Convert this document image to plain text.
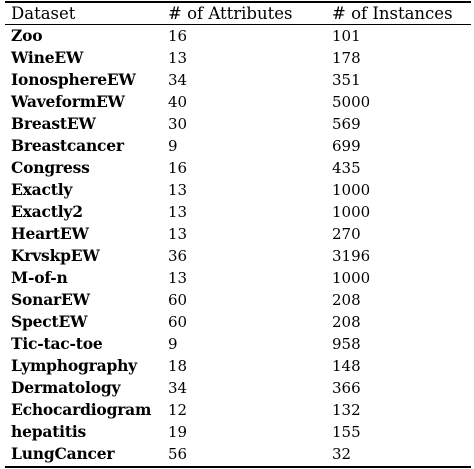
Dataset	# of Attributes	# of Instances
Zoo	16	101
WineEW	13	178
IonosphereEW	34	351
WaveformEW	40	5000
BreastEW	30	569
Breastcancer	9	699
Congress	16	435
Exactly	13	1000
Exactly2	13	1000
HeartEW	13	270
KrvskpEW	36	3196
M-of-n	13	1000
SonarEW	60	208
SpectEW	60	208
Tic-tac-toe	9	958
Lymphography	18	148
Dermatology	34	366
Echocardiogram	12	132
hepatitis	19	155
LungCancer	56	32
